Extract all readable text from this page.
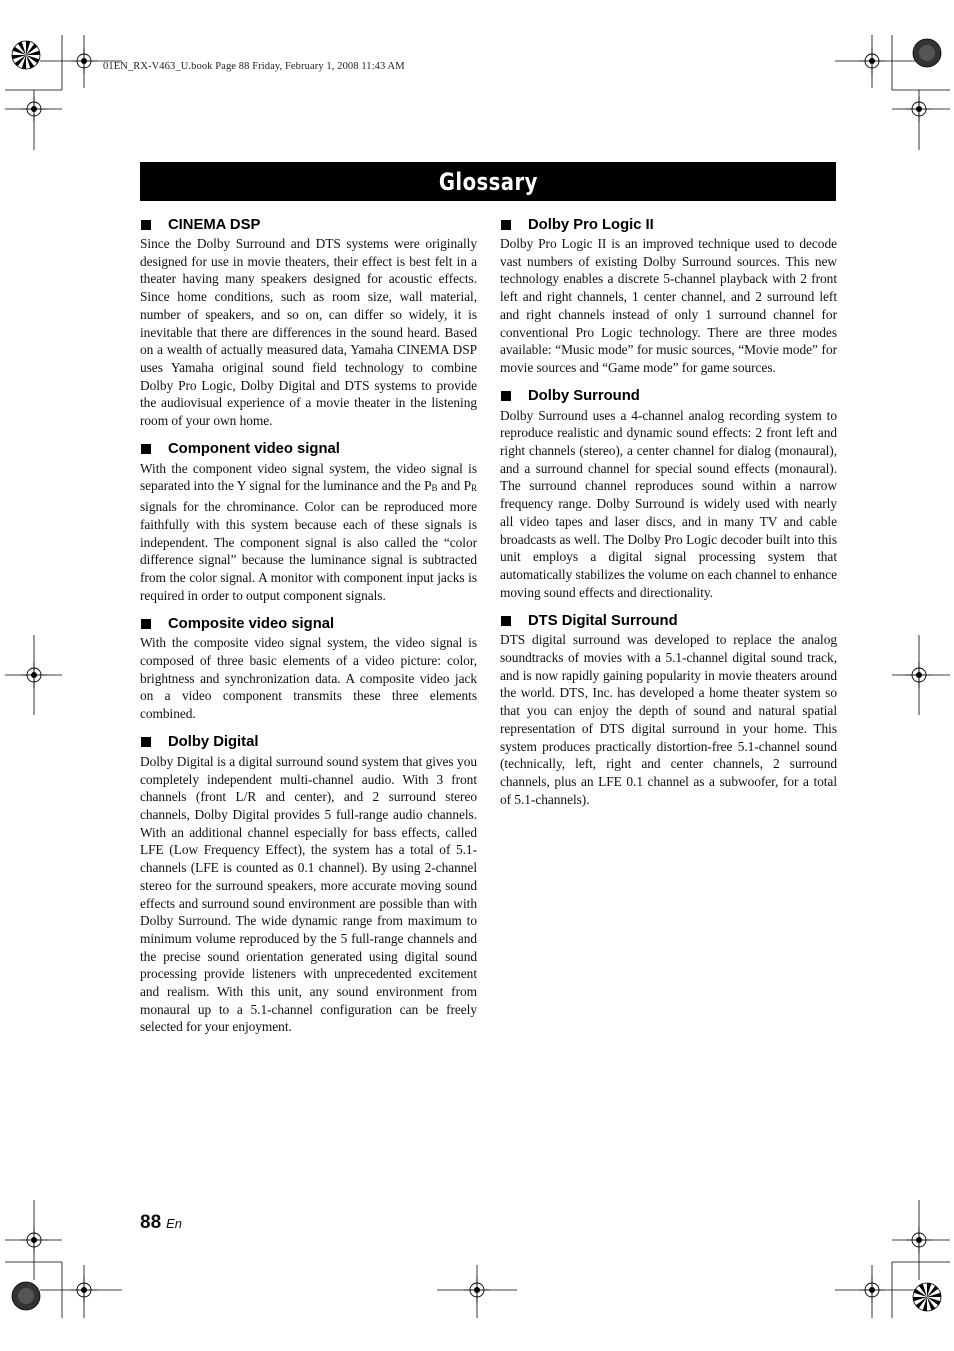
01EN_RX-V463_U.book Page 88 Friday, February 1, 2008 11:43 AM
Glossary
CINEMA DSP
Since the Dolby Surround and DTS systems were originally designed for use in movie theaters, their effect is best felt in a theater having many speakers designed for acoustic effects. Since home conditions, such as room size, wall material, number of speakers, and so on, can differ so widely, it is inevitable that there are differences in the sound heard. Based on a wealth of actually measured data, Yamaha CINEMA DSP uses Yamaha original sound field technology to combine Dolby Pro Logic, Dolby Digital and DTS systems to provide the audiovisual experience of a movie theater in the listening room of your own home.
Component video signal
With the component video signal system, the video signal is separated into the Y signal for the luminance and the PB and PR signals for the chrominance. Color can be reproduced more faithfully with this system because each of these signals is independent. The component signal is also called the “color difference signal” because the luminance signal is subtracted from the color signal. A monitor with component input jacks is required in order to output component signals.
Composite video signal
With the composite video signal system, the video signal is composed of three basic elements of a video picture: color, brightness and synchronization data. A composite video jack on a video component transmits these three elements combined.
Dolby Digital
Dolby Digital is a digital surround sound system that gives you completely independent multi-channel audio. With 3 front channels (front L/R and center), and 2 surround stereo channels, Dolby Digital provides 5 full-range audio channels. With an additional channel especially for bass effects, called LFE (Low Frequency Effect), the system has a total of 5.1-channels (LFE is counted as 0.1 channel). By using 2-channel stereo for the surround speakers, more accurate moving sound effects and surround sound environment are possible than with Dolby Surround. The wide dynamic range from maximum to minimum volume reproduced by the 5 full-range channels and the precise sound orientation generated using digital sound processing provide listeners with unprecedented excitement and realism. With this unit, any sound environment from monaural up to a 5.1-channel configuration can be freely selected for your enjoyment.
Dolby Pro Logic II
Dolby Pro Logic II is an improved technique used to decode vast numbers of existing Dolby Surround sources. This new technology enables a discrete 5-channel playback with 2 front left and right channels, 1 center channel, and 2 surround left and right channels instead of only 1 surround channel for conventional Pro Logic technology. There are three modes available: “Music mode” for music sources, “Movie mode” for movie sources and “Game mode” for game sources.
Dolby Surround
Dolby Surround uses a 4-channel analog recording system to reproduce realistic and dynamic sound effects: 2 front left and right channels (stereo), a center channel for dialog (monaural), and a surround channel for special sound effects (monaural). The surround channel reproduces sound within a narrow frequency range. Dolby Surround is widely used with nearly all video tapes and laser discs, and in many TV and cable broadcasts as well. The Dolby Pro Logic decoder built into this unit employs a digital signal processing system that automatically stabilizes the volume on each channel to enhance moving sound effects and directionality.
DTS Digital Surround
DTS digital surround was developed to replace the analog soundtracks of movies with a 5.1-channel digital sound track, and is now rapidly gaining popularity in movie theaters around the world. DTS, Inc. has developed a home theater system so that you can enjoy the depth of sound and natural spatial representation of DTS digital surround in your home. This system produces practically distortion-free 5.1-channel sound (technically, left, right and center channels, 2 surround channels, plus an LFE 0.1 channel as a subwoofer, for a total of 5.1-channels).
88 En
